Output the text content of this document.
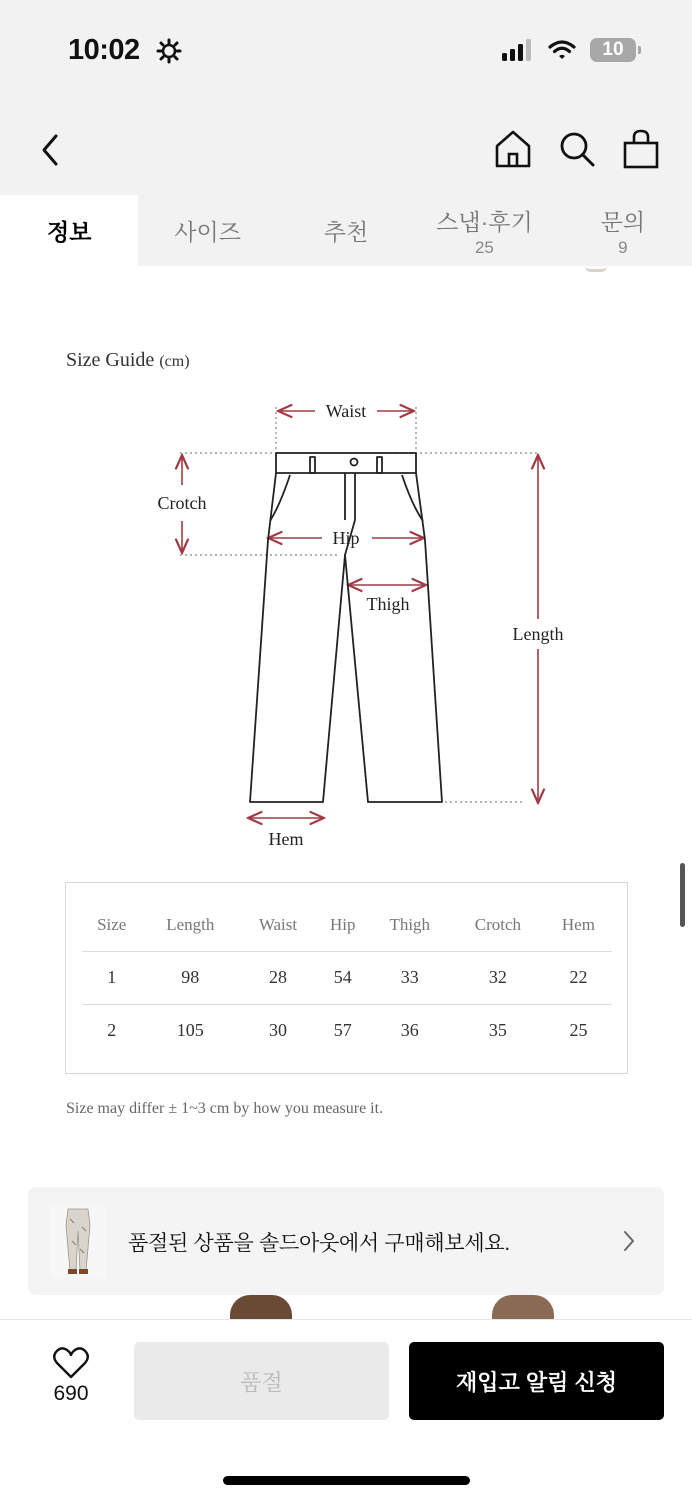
10:02	10
정보	사이즈	추천	스냅·후기
25
문의
9
Size Guide (cm)
Waist
Crotch
Hip
Thigh
Length
Hem
Size	Length	Waist	Hip	Thigh	Crotch	Hem
1	98	28	54	33	32	22
2	105	30	57	36	35	25
Size may differ ± 1~3 cm by how you measure it.
품절된 상품을 솔드아웃에서 구매해보세요.
690	품절	재입고 알림 신청
